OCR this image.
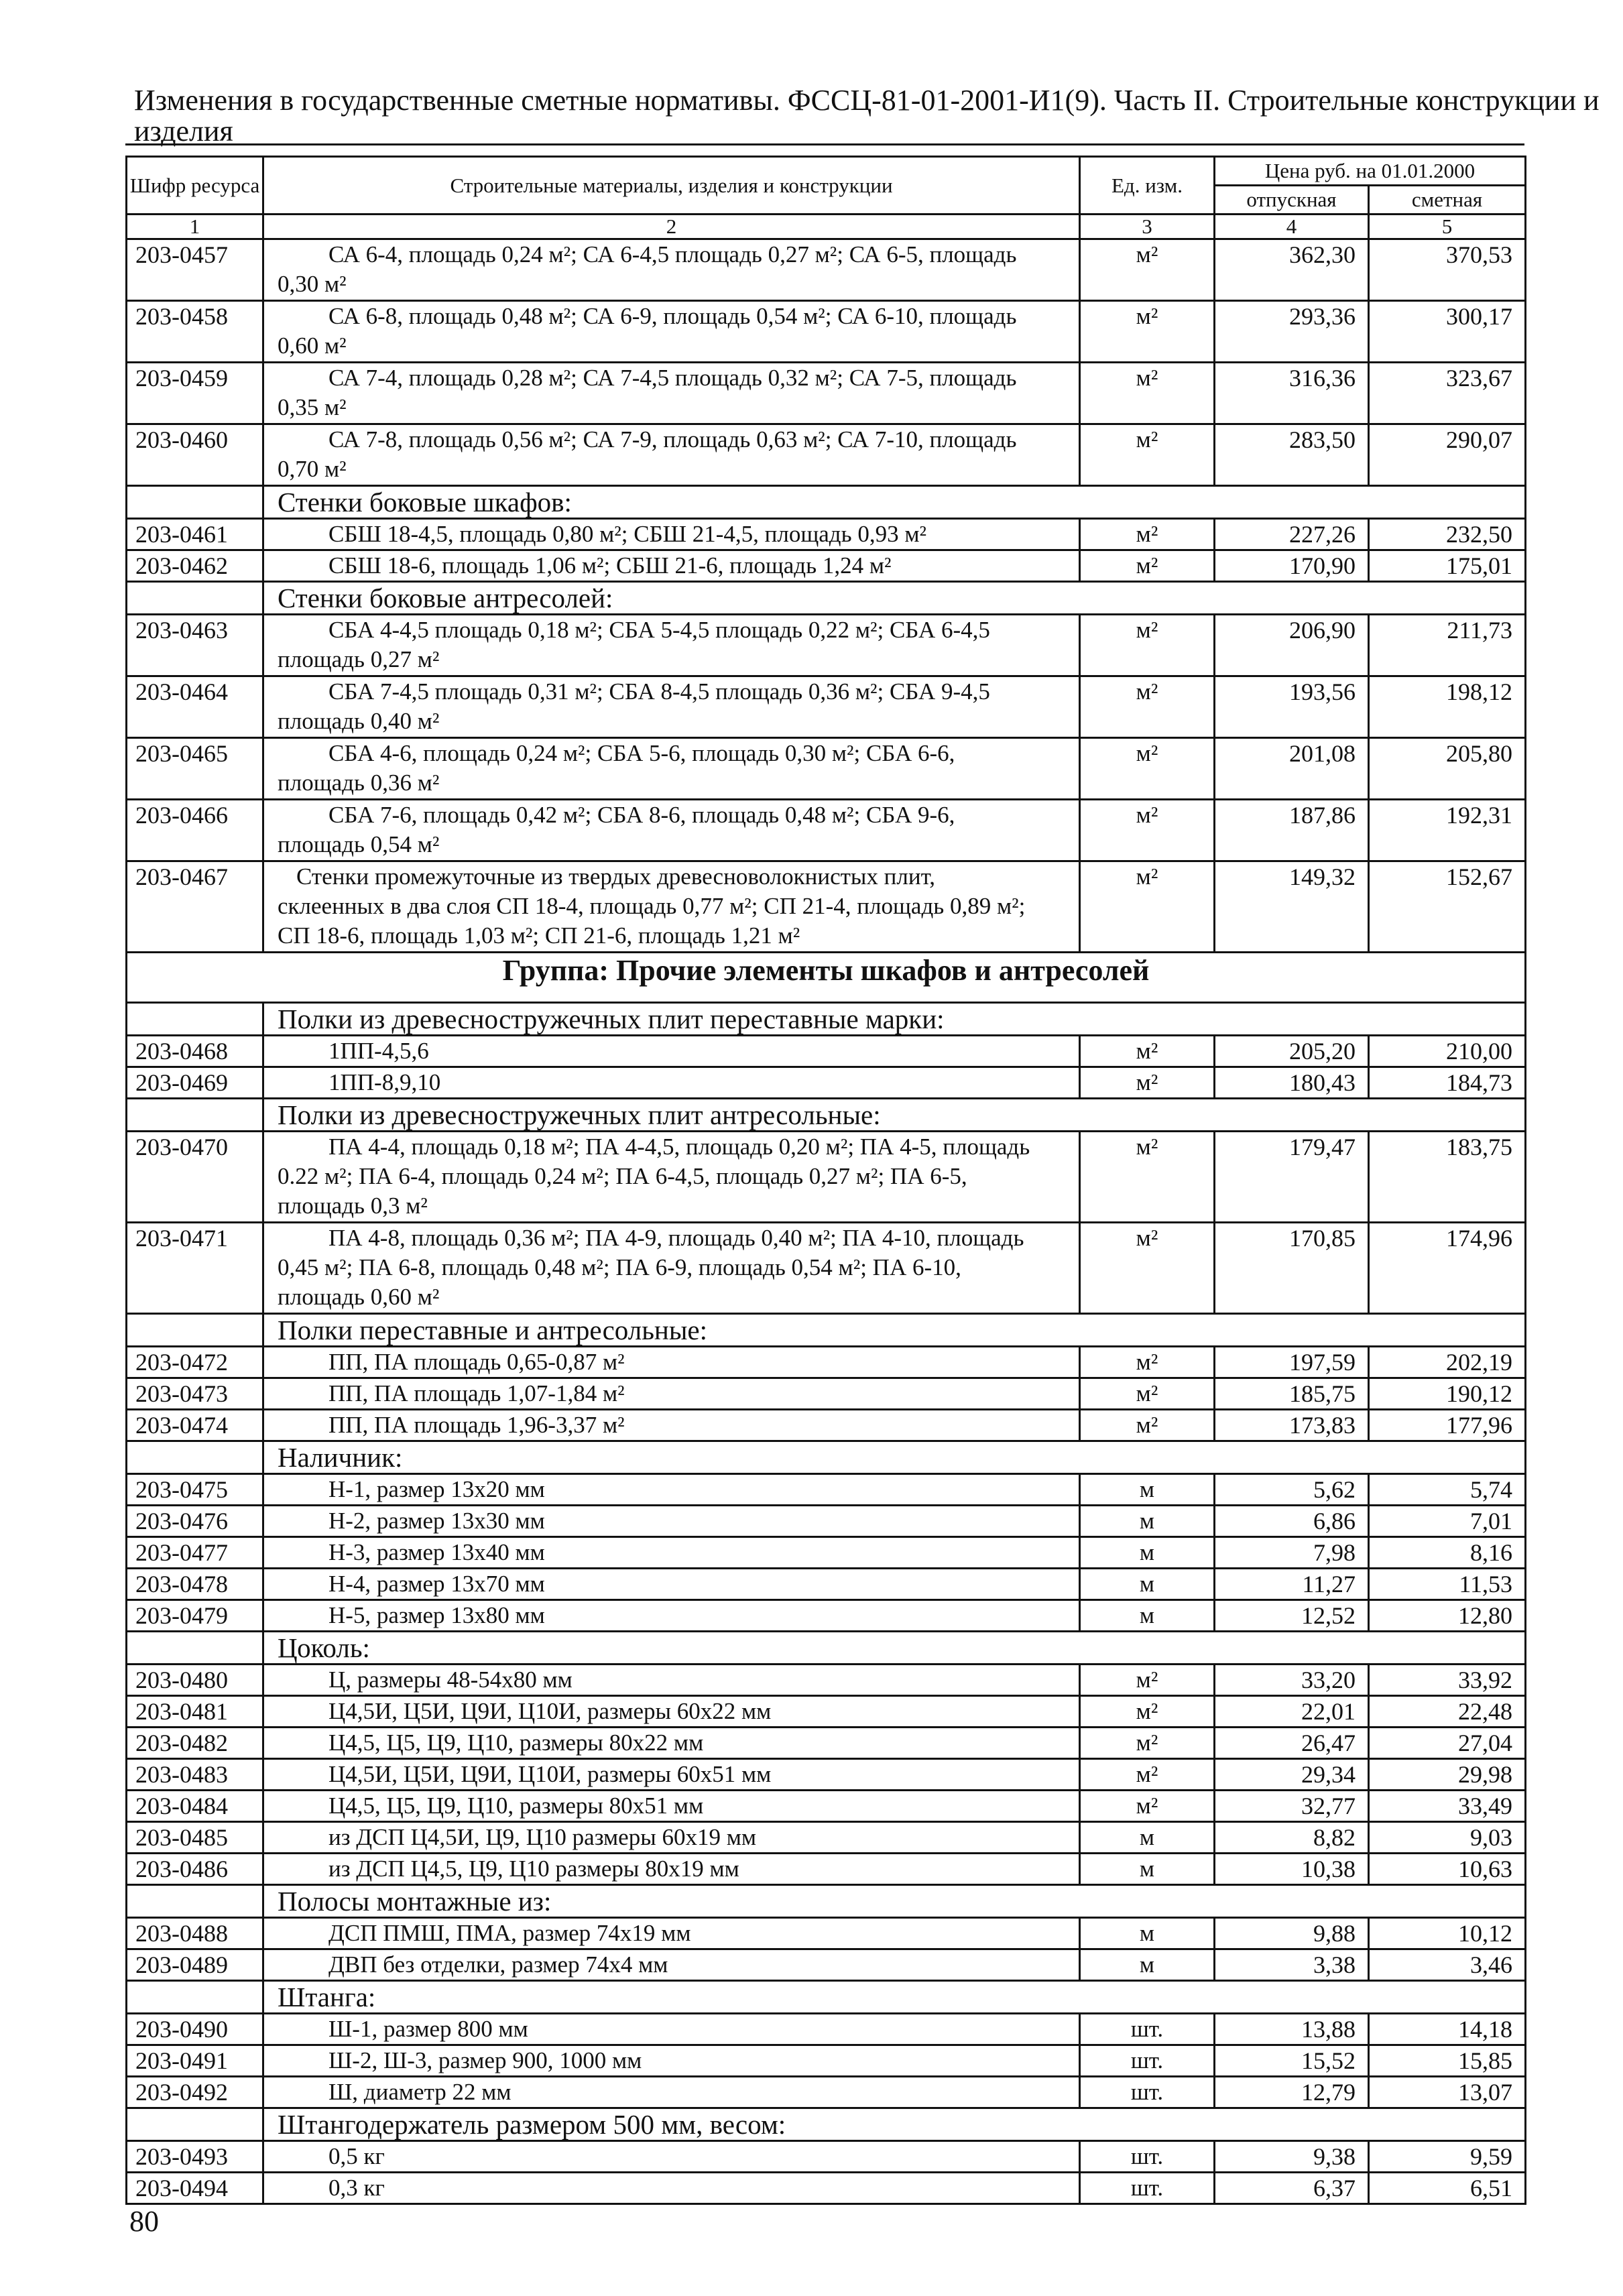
Изменения в государственные сметные нормативы. ФССЦ-81-01-2001-И1(9). Часть II. Строительные конструкции и
изделия
Шифр ресурса	Строительные материалы, изделия и конструкции	Ед. изм.	Цена руб. на 01.01.2000	
			отпускная	сметная
1	2	3	4	5
203-0457	СА 6-4, площадь 0,24 м²; СА 6-4,5 площадь 0,27 м²; СА 6-5, площадь
0,30 м²	м²	362,30	370,53
203-0458	СА 6-8, площадь 0,48 м²; СА 6-9, площадь 0,54 м²; СА 6-10, площадь
0,60 м²	м²	293,36	300,17
203-0459	СА 7-4, площадь 0,28 м²; СА 7-4,5 площадь 0,32 м²; СА 7-5, площадь
0,35 м²	м²	316,36	323,67
203-0460	СА 7-8, площадь 0,56 м²; СА 7-9, площадь 0,63 м²; СА 7-10, площадь
0,70 м²	м²	283,50	290,07
	Стенки боковые шкафов:			
203-0461	СБШ 18-4,5, площадь 0,80 м²; СБШ 21-4,5, площадь 0,93 м²	м²	227,26	232,50
203-0462	СБШ 18-6, площадь 1,06 м²; СБШ 21-6, площадь 1,24 м²	м²	170,90	175,01
	Стенки боковые антресолей:			
203-0463	СБА 4-4,5 площадь 0,18 м²; СБА 5-4,5 площадь 0,22 м²; СБА 6-4,5
площадь 0,27 м²	м²	206,90	211,73
203-0464	СБА 7-4,5 площадь 0,31 м²; СБА 8-4,5 площадь 0,36 м²; СБА 9-4,5
площадь 0,40 м²	м²	193,56	198,12
203-0465	СБА 4-6, площадь 0,24 м²; СБА 5-6, площадь 0,30 м²; СБА 6-6,
площадь 0,36 м²	м²	201,08	205,80
203-0466	СБА 7-6, площадь 0,42 м²; СБА 8-6, площадь 0,48 м²; СБА 9-6,
площадь 0,54 м²	м²	187,86	192,31
203-0467	Стенки промежуточные из твердых древесноволокнистых плит,
склеенных в два слоя СП 18-4, площадь 0,77 м²; СП 21-4, площадь 0,89 м²;
СП 18-6, площадь 1,03 м²; СП 21-6, площадь 1,21 м²	м²	149,32	152,67
Группа: Прочие элементы шкафов и антресолей				
	Полки из древесностружечных плит переставные марки:			
203-0468	1ПП-4,5,6	м²	205,20	210,00
203-0469	1ПП-8,9,10	м²	180,43	184,73
	Полки из древесностружечных плит антресольные:			
203-0470	ПА 4-4, площадь 0,18 м²; ПА 4-4,5, площадь 0,20 м²; ПА 4-5, площадь
0.22 м²; ПА 6-4, площадь 0,24 м²; ПА 6-4,5, площадь 0,27 м²; ПА 6-5,
площадь 0,3 м²	м²	179,47	183,75
203-0471	ПА 4-8, площадь 0,36 м²; ПА 4-9, площадь 0,40 м²; ПА 4-10, площадь
0,45 м²; ПА 6-8, площадь 0,48 м²; ПА 6-9, площадь 0,54 м²; ПА 6-10,
площадь 0,60 м²	м²	170,85	174,96
	Полки переставные и антресольные:			
203-0472	ПП, ПА площадь 0,65-0,87 м²	м²	197,59	202,19
203-0473	ПП, ПА площадь 1,07-1,84 м²	м²	185,75	190,12
203-0474	ПП, ПА площадь 1,96-3,37 м²	м²	173,83	177,96
	Наличник:			
203-0475	Н-1, размер 13х20 мм	м	5,62	5,74
203-0476	Н-2, размер 13х30 мм	м	6,86	7,01
203-0477	Н-3, размер 13х40 мм	м	7,98	8,16
203-0478	Н-4, размер 13х70 мм	м	11,27	11,53
203-0479	Н-5, размер 13х80 мм	м	12,52	12,80
	Цоколь:			
203-0480	Ц, размеры 48-54х80 мм	м²	33,20	33,92
203-0481	Ц4,5И, Ц5И, Ц9И, Ц10И, размеры 60х22 мм	м²	22,01	22,48
203-0482	Ц4,5, Ц5, Ц9, Ц10, размеры 80х22 мм	м²	26,47	27,04
203-0483	Ц4,5И, Ц5И, Ц9И, Ц10И, размеры 60х51 мм	м²	29,34	29,98
203-0484	Ц4,5, Ц5, Ц9, Ц10, размеры 80х51 мм	м²	32,77	33,49
203-0485	из ДСП Ц4,5И, Ц9, Ц10 размеры 60х19 мм	м	8,82	9,03
203-0486	из ДСП Ц4,5, Ц9, Ц10 размеры 80х19 мм	м	10,38	10,63
	Полосы монтажные из:			
203-0488	ДСП ПМШ, ПМА, размер 74х19 мм	м	9,88	10,12
203-0489	ДВП без отделки, размер 74х4 мм	м	3,38	3,46
	Штанга:			
203-0490	Ш-1, размер 800 мм	шт.	13,88	14,18
203-0491	Ш-2, Ш-3, размер 900, 1000 мм	шт.	15,52	15,85
203-0492	Ш, диаметр 22 мм	шт.	12,79	13,07
	Штангодержатель размером 500 мм, весом:			
203-0493	0,5 кг	шт.	9,38	9,59
203-0494	0,3 кг	шт.	6,37	6,51
80
